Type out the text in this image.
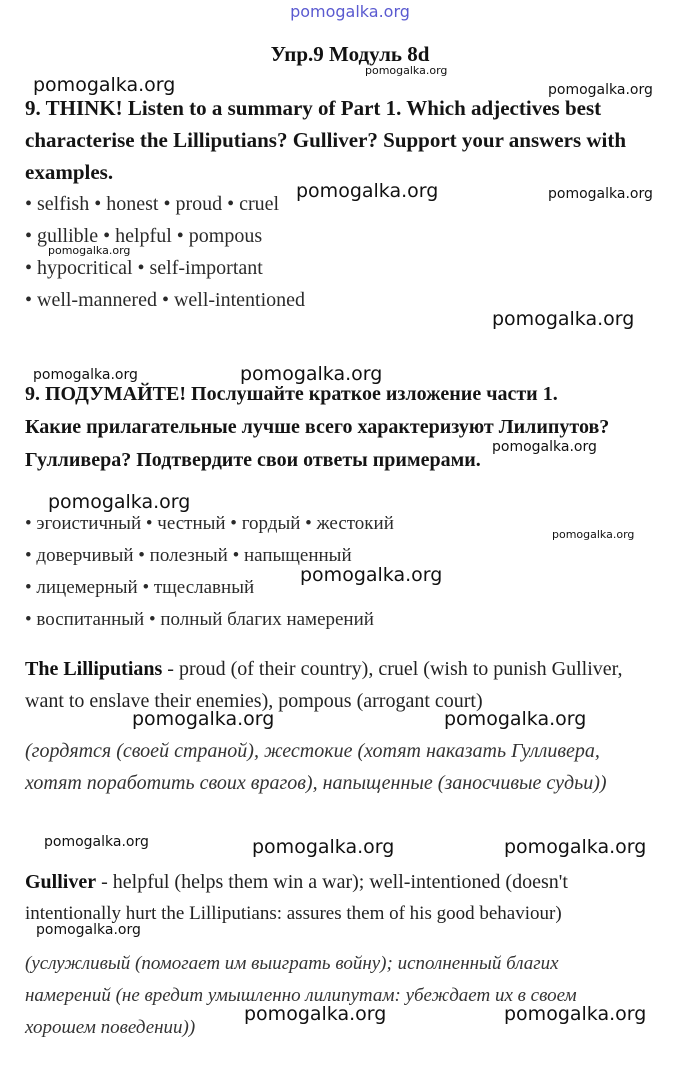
pomogalka.org
Упр.9 Модуль 8d
9. THINK! Listen to a summary of Part 1. Which adjectives best
characterise the Lilliputians? Gulliver? Support your answers with
examples.
• selfish • honest • proud • cruel
• gullible • helpful • pompous
• hypocritical • self-important
• well-mannered • well-intentioned
9. ПОДУМАЙТЕ! Послушайте краткое изложение части 1.
Какие прилагательные лучше всего характеризуют Лилипутов?
Гулливера? Подтвердите свои ответы примерами.
• эгоистичный • честный • гордый • жестокий
• доверчивый • полезный • напыщенный
• лицемерный • тщеславный
• воспитанный • полный благих намерений
The Lilliputians - proud (of their country), cruel (wish to punish Gulliver,
want to enslave their enemies), pompous (arrogant court)
(гордятся (своей страной), жестокие (хотят наказать Гулливера,
хотят поработить своих врагов), напыщенные (заносчивые судьи))
Gulliver - helpful (helps them win a war); well-intentioned (doesn't
intentionally hurt the Lilliputians: assures them of his good behaviour)
(услужливый (помогает им выиграть войну); исполненный благих
намерений (не вредит умышленно лилипутам: убеждает их в своем
хорошем поведении))
pomogalka.org
pomogalka.org
pomogalka.org
pomogalka.org	pomogalka.org
pomogalka.org
pomogalka.org
pomogalka.org	pomogalka.org
pomogalka.org
pomogalka.org
pomogalka.org
pomogalka.org
pomogalka.org	pomogalka.org
pomogalka.org	pomogalka.org	pomogalka.org
pomogalka.org
pomogalka.org	pomogalka.org
